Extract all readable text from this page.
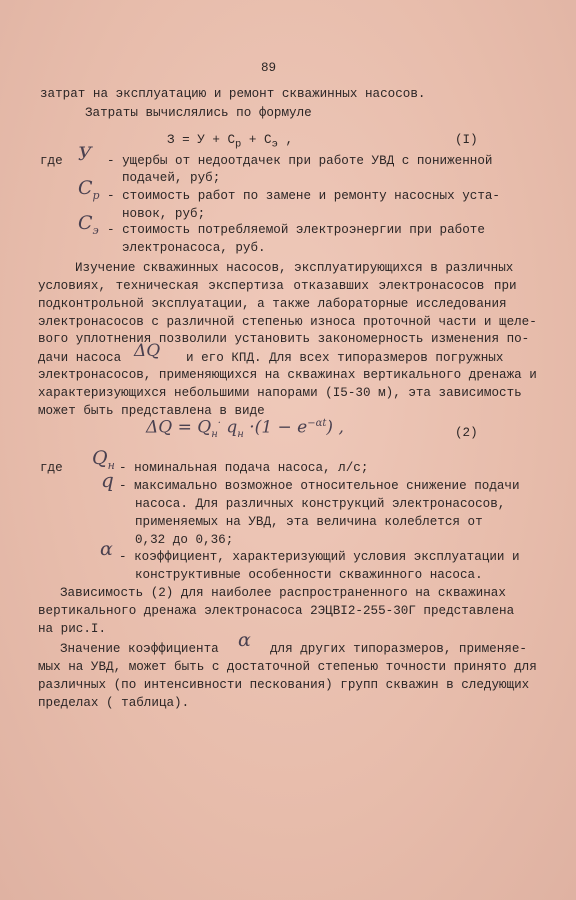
89
затрат на эксплуатацию и ремонт скважинных насосов.
Затраты вычислялись по формуле
$З = У + С_р + С_э$ ,	(I)
где У - ущербы от недоотдачек при работе УВД с пониженной
подачей, руб;
$С_р$ - стоимость работ по замене и ремонту насосных уста-
новок, руб;
$С_э$ - стоимость потребляемой электроэнергии при работе
электронасоса, руб.
Изучение скважинных насосов, эксплуатирующихся в различных
условиях, техническая экспертиза отказавших электронасосов при
подконтрольной эксплуатации, а также лабораторные исследования
электронасосов с различной степенью износа проточной части и щеле-
вого уплотнения позволили установить закономерность изменения по-
дачи насоса ΔQ и его КПД. Для всех типоразмеров погружных
электронасосов, применяющихся на скважинах вертикального дренажа и
характеризующихся небольшими напорами (I5-30 м), эта зависимость
может быть представлена в виде
$\Delta Q = Q_н^\cdot$ $q_н \cdot(1 - e^{-\alpha t})$ ,	(2)
где $Q_н$ - номинальная подача насоса, л/с;
q - максимально возможное относительное снижение подачи
насоса. Для различных конструкций электронасосов,
применяемых на УВД, эта величина колеблется от
0,32 до 0,36;
α - коэффициент, характеризующий условия эксплуатации и
конструктивные особенности скважинного насоса.
Зависимость (2) для наиболее распространенного на скважинах
вертикального дренажа электронасоса 2ЭЦВI2-255-30Г представлена
на рис.I.
Значение коэффициента α для других типоразмеров, применяе-
мых на УВД, может быть с достаточной степенью точности принято для
различных (по интенсивности пескования) групп скважин в следующих
пределах ( таблица).
